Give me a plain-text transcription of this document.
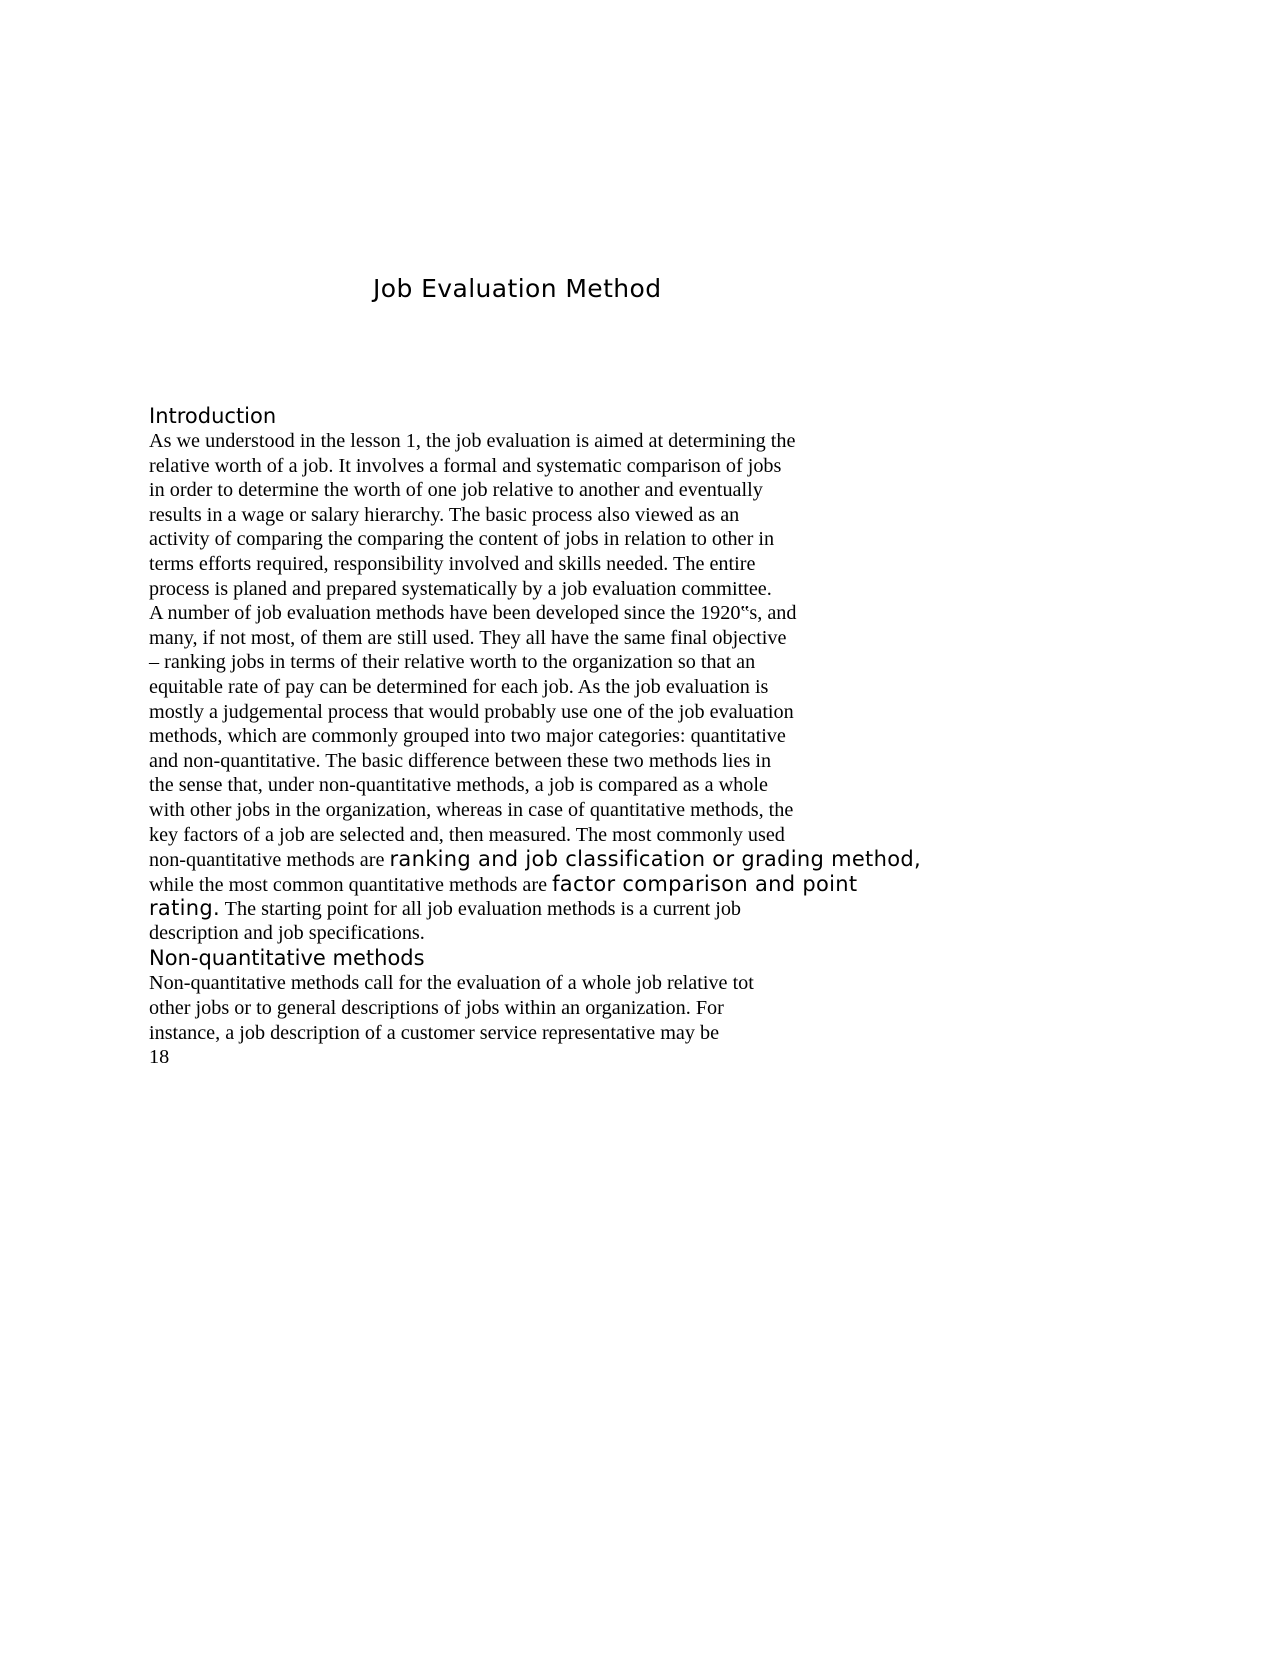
Job Evaluation Method
Introduction
As we understood in the lesson 1, the job evaluation is aimed at determining the
relative worth of a job. It involves a formal and systematic comparison of jobs
in order to determine the worth of one job relative to another and eventually
results in a wage or salary hierarchy. The basic process also viewed as an
activity of comparing the comparing the content of jobs in relation to other in
terms efforts required, responsibility involved and skills needed. The entire
process is planed and prepared systematically by a job evaluation committee.
A number of job evaluation methods have been developed since the 1920‟s, and
many, if not most, of them are still used. They all have the same final objective
– ranking jobs in terms of their relative worth to the organization so that an
equitable rate of pay can be determined for each job. As the job evaluation is
mostly a judgemental process that would probably use one of the job evaluation
methods, which are commonly grouped into two major categories: quantitative
and non-quantitative. The basic difference between these two methods lies in
the sense that, under non-quantitative methods, a job is compared as a whole
with other jobs in the organization, whereas in case of quantitative methods, the
key factors of a job are selected and, then measured. The most commonly used
non-quantitative methods are ranking and job classification or grading method,
while the most common quantitative methods are factor comparison and point
rating. The starting point for all job evaluation methods is a current job
description and job specifications.
Non-quantitative methods
Non-quantitative methods call for the evaluation of a whole job relative tot
other jobs or to general descriptions of jobs within an organization. For
instance, a job description of a customer service representative may be
18
